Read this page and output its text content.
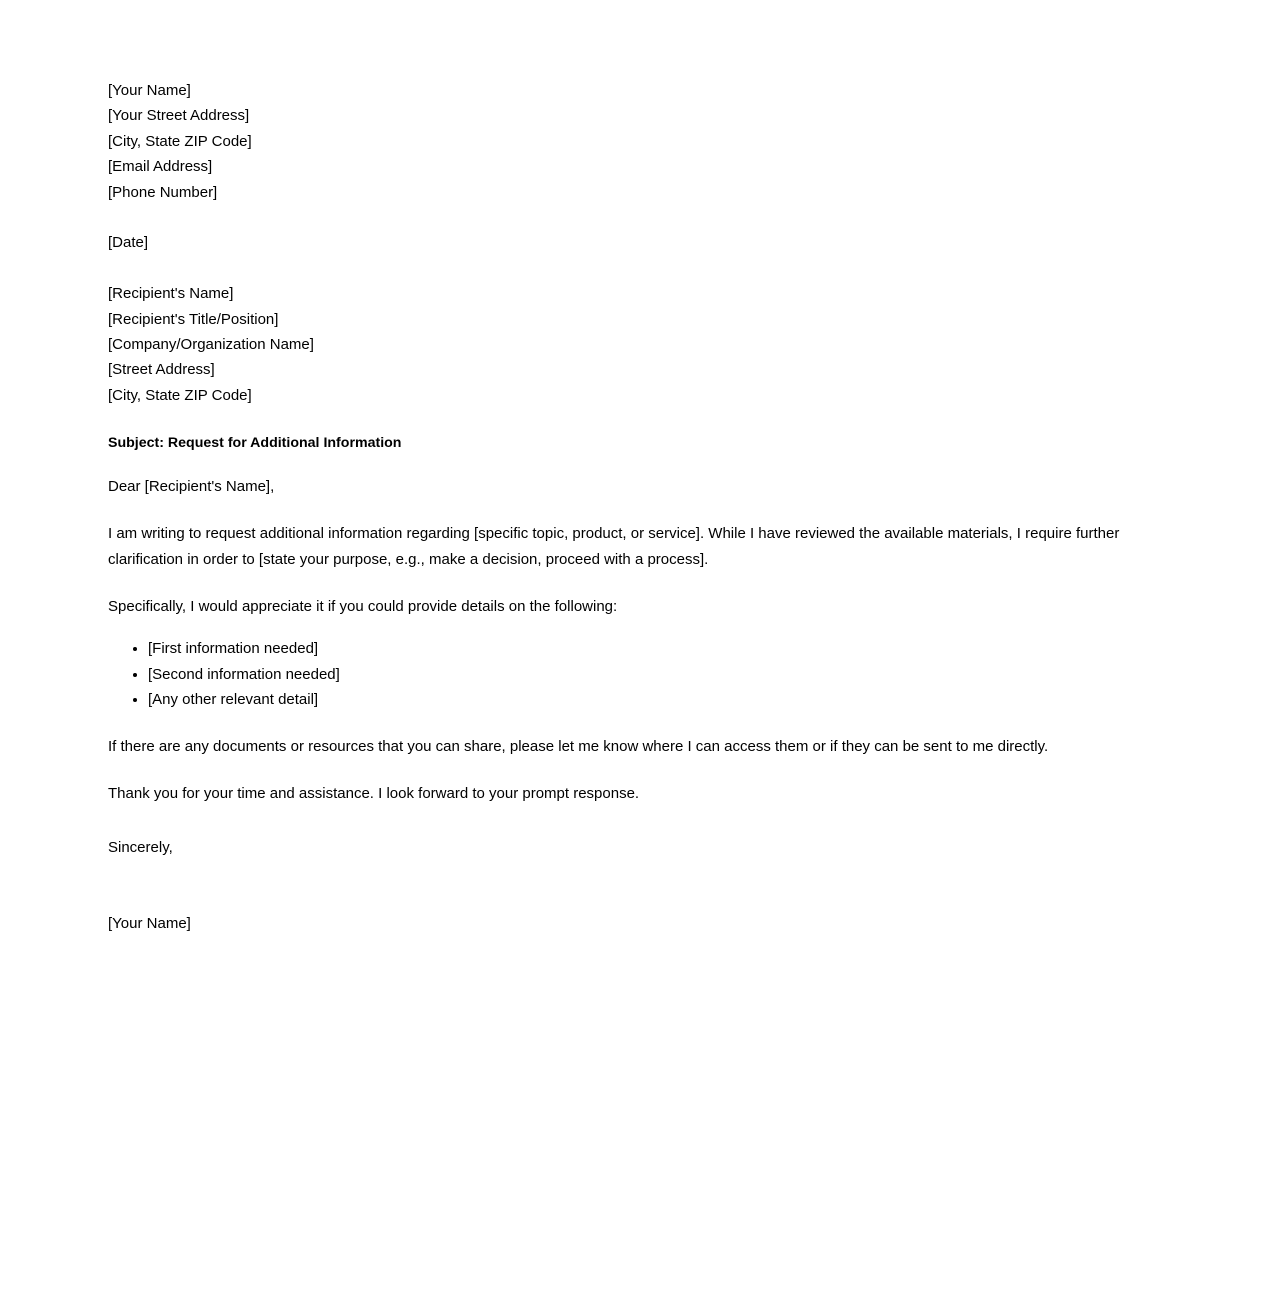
[Your Name]
[Your Street Address]
[City, State ZIP Code]
[Email Address]
[Phone Number]
[Date]
[Recipient's Name]
[Recipient's Title/Position]
[Company/Organization Name]
[Street Address]
[City, State ZIP Code]

Subject: Request for Additional Information

Dear [Recipient's Name],

I am writing to request additional information regarding [specific topic, product, or service]. While I have reviewed the available materials, I require further clarification in order to [state your purpose, e.g., make a decision, proceed with a process].

Specifically, I would appreciate it if you could provide details on the following:

• [First information needed]
• [Second information needed]
• [Any other relevant detail]

If there are any documents or resources that you can share, please let me know where I can access them or if they can be sent to me directly.

Thank you for your time and assistance. I look forward to your prompt response.

Sincerely,

[Your Name]
